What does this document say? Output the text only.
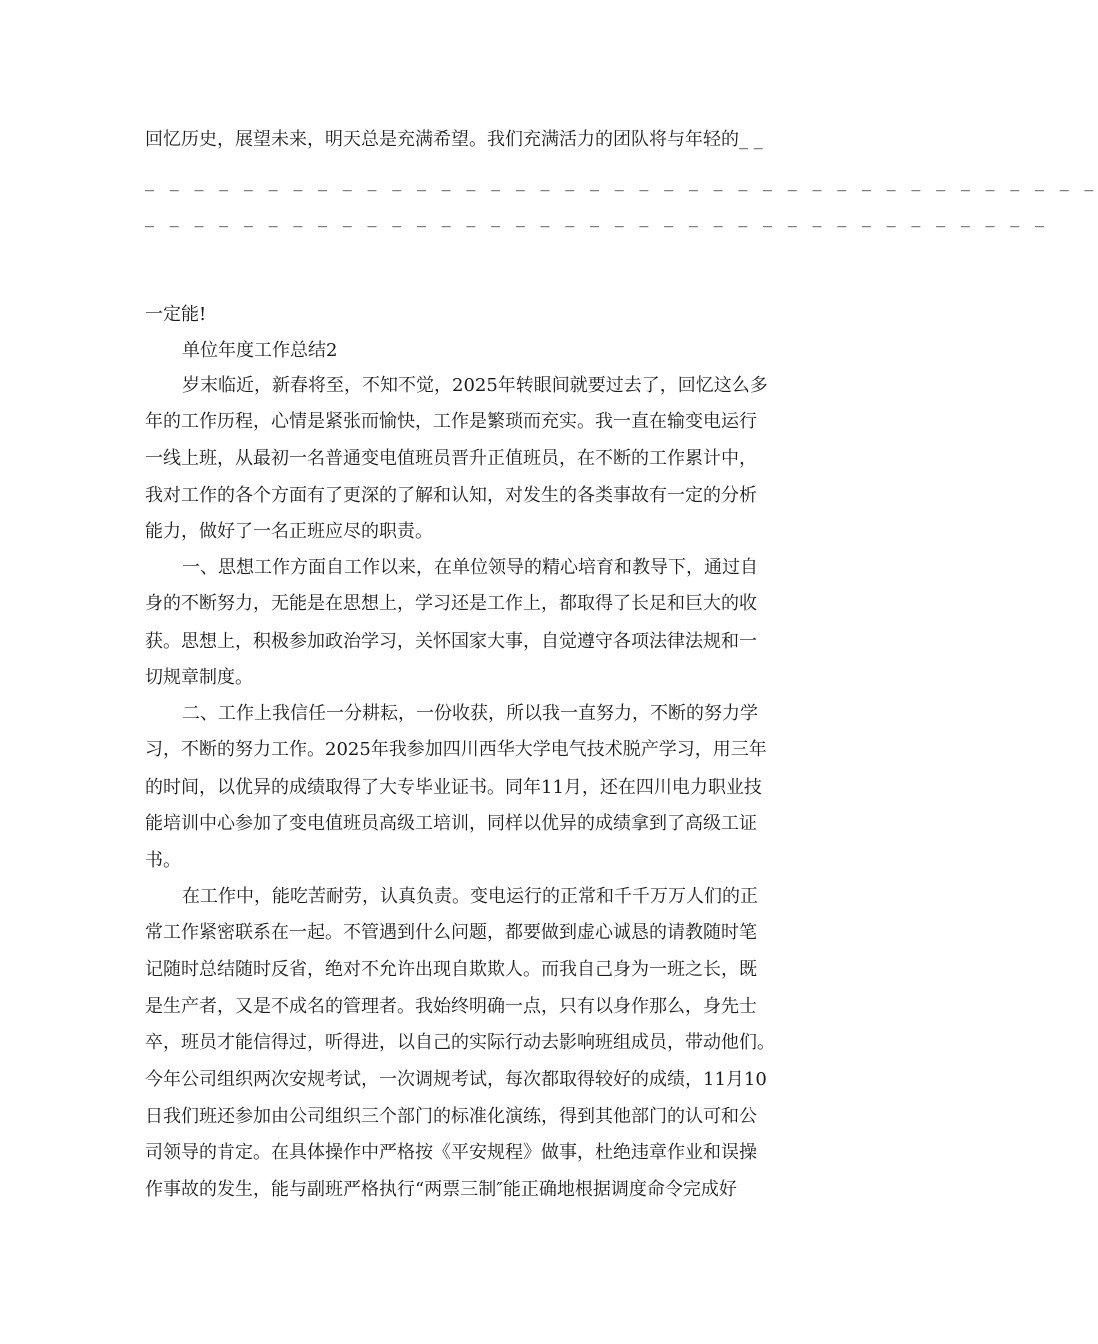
回忆历史，展望未来，明天总是充满希望。我们充满活力的团队将与年轻的_ _
_ _ _ _ _ _ _ _ _ _ _ _ _ _ _ _ _ _ _ _ _ _ _ _ _ _ _ _ _ _ _ _ _ _ _ _ _ _ _
_ _ _ _ _ _ _ _ _ _ _ _ _ _ _ _ _ _ _ _ _ _ _ _ _ _ _ _ _ _ _ _ _ _ _ _ _
一定能!
单位年度工作总结2
岁末临近，新春将至，不知不觉，2025年转眼间就要过去了，回忆这么多
年的工作历程，心情是紧张而愉快，工作是繁琐而充实。我一直在输变电运行
一线上班，从最初一名普通变电值班员晋升正值班员，在不断的工作累计中，
我对工作的各个方面有了更深的了解和认知，对发生的各类事故有一定的分析
能力，做好了一名正班应尽的职责。
一、思想工作方面自工作以来，在单位领导的精心培育和教导下，通过自
身的不断努力，无能是在思想上，学习还是工作上，都取得了长足和巨大的收
获。思想上，积极参加政治学习，关怀国家大事，自觉遵守各项法律法规和一
切规章制度。
二、工作上我信任一分耕耘，一份收获，所以我一直努力，不断的努力学
习，不断的努力工作。2025年我参加四川西华大学电气技术脱产学习，用三年
的时间，以优异的成绩取得了大专毕业证书。同年11月，还在四川电力职业技
能培训中心参加了变电值班员高级工培训，同样以优异的成绩拿到了高级工证
书。
在工作中，能吃苦耐劳，认真负责。变电运行的正常和千千万万人们的正
常工作紧密联系在一起。不管遇到什么问题，都要做到虚心诚恳的请教随时笔
记随时总结随时反省，绝对不允许出现自欺欺人。而我自己身为一班之长，既
是生产者，又是不成名的管理者。我始终明确一点，只有以身作那么，身先士
卒，班员才能信得过，听得进，以自己的实际行动去影响班组成员，带动他们。
今年公司组织两次安规考试，一次调规考试，每次都取得较好的成绩，11月10
日我们班还参加由公司组织三个部门的标准化演练，得到其他部门的认可和公
司领导的肯定。在具体操作中严格按《平安规程》做事，杜绝违章作业和误操
作事故的发生，能与副班严格执行“两票三制″能正确地根据调度命令完成好
